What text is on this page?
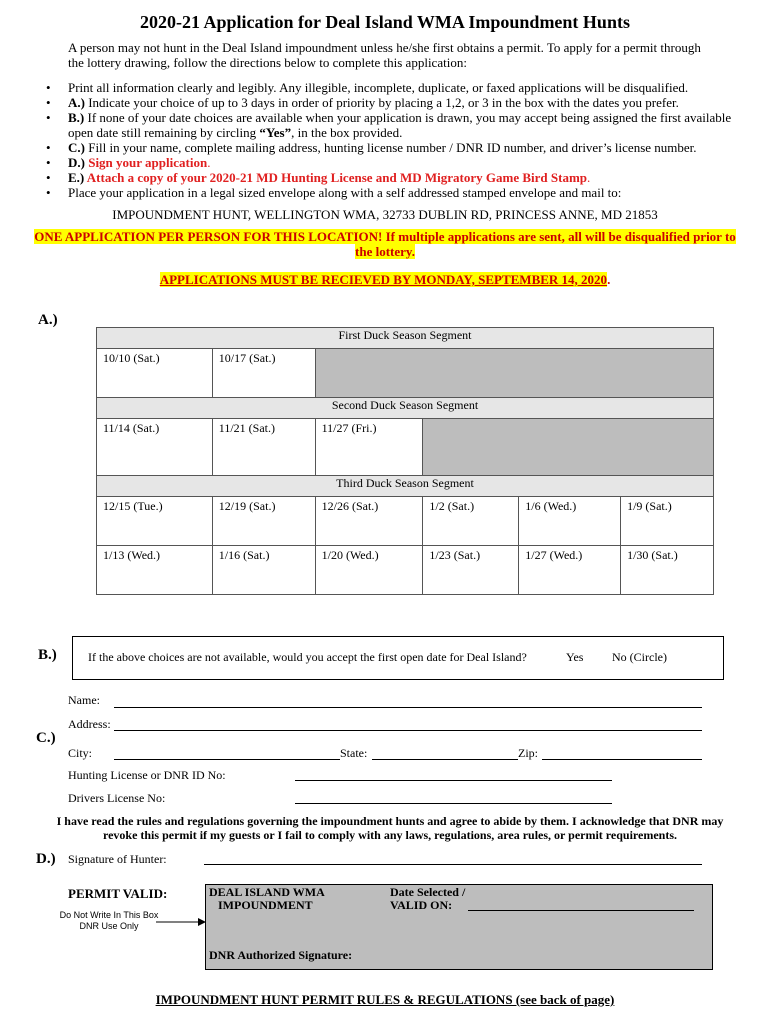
2020-21 Application for Deal Island WMA Impoundment Hunts
A person may not hunt in the Deal Island impoundment unless he/she first obtains a permit. To apply for a permit through the lottery drawing, follow the directions below to complete this application:
• Print all information clearly and legibly. Any illegible, incomplete, duplicate, or faxed applications will be disqualified.
• A.) Indicate your choice of up to 3 days in order of priority by placing a 1,2, or 3 in the box with the dates you prefer.
• B.) If none of your date choices are available when your application is drawn, you may accept being assigned the first available open date still remaining by circling “Yes”, in the box provided.
• C.) Fill in your name, complete mailing address, hunting license number / DNR ID number, and driver’s license number.
• D.) Sign your application.
• E.) Attach a copy of your 2020-21 MD Hunting License and MD Migratory Game Bird Stamp.
• Place your application in a legal sized envelope along with a self addressed stamped envelope and mail to:
IMPOUNDMENT HUNT, WELLINGTON WMA, 32733 DUBLIN RD, PRINCESS ANNE, MD 21853
ONE APPLICATION PER PERSON FOR THIS LOCATION! If multiple applications are sent, all will be disqualified prior to the lottery.
APPLICATIONS MUST BE RECIEVED BY MONDAY, SEPTEMBER 14, 2020.
A.)
First Duck Season Segment					
10/10 (Sat.)	10/17 (Sat.)				
Second Duck Season Segment					
11/14 (Sat.)	11/21 (Sat.)	11/27 (Fri.)			
Third Duck Season Segment					
12/15 (Tue.)	12/19 (Sat.)	12/26 (Sat.)	1/2 (Sat.)	1/6 (Wed.)	1/9 (Sat.)
1/13 (Wed.)	1/16 (Sat.)	1/20 (Wed.)	1/23 (Sat.)	1/27 (Wed.)	1/30 (Sat.)
B.)	If the above choices are not available, would you accept the first open date for Deal Island?	Yes No (Circle)
C.)
Name:
Address:
City:	State:	Zip:
Hunting License or DNR ID No:
Drivers License No:
I have read the rules and regulations governing the impoundment hunts and agree to abide by them. I acknowledge that DNR may revoke this permit if my guests or I fail to comply with any laws, regulations, area rules, or permit requirements.
D.) Signature of Hunter:
PERMIT VALID:
Do Not Write In This Box
DNR Use Only
DEAL ISLAND WMA
IMPOUNDMENT
Date Selected /
VALID ON:
DNR Authorized Signature:
IMPOUNDMENT HUNT PERMIT RULES & REGULATIONS (see back of page)
